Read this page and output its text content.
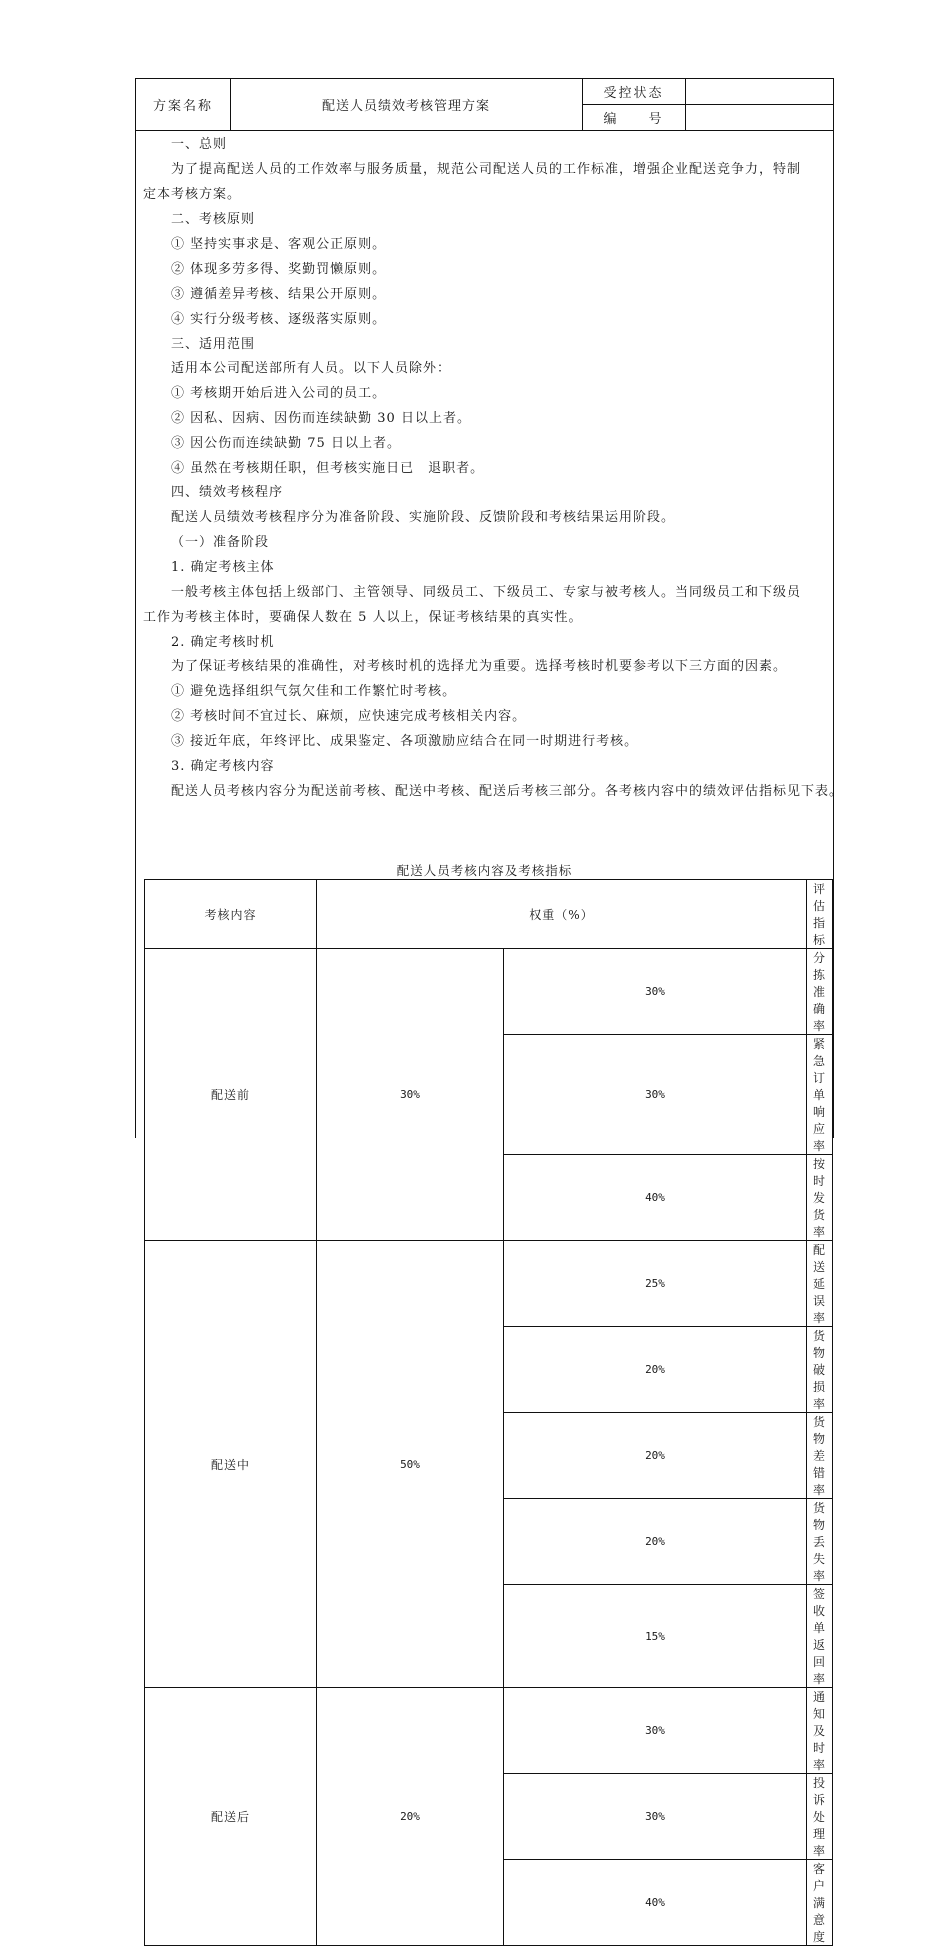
方案名称	配送人员绩效考核管理方案
受控状态
编　　号
配送人员考核内容及考核指标
考核内容	权重（%）		评估指标
配送前	30%	30%	分拣准确率
		30%	紧急订单响应率
		40%	按时发货率
配送中	50%	25%	配送延误率
		20%	货物破损率
		20%	货物差错率
		20%	货物丢失率
		15%	签收单返回率
配送后	20%	30%	通知及时率
		30%	投诉处理率
		40%	客户满意度
一、总则
为了提高配送人员的工作效率与服务质量，规范公司配送人员的工作标准，增强企业配送竞争力，特制
定本考核方案。
二、考核原则
① 坚持实事求是、客观公正原则。
② 体现多劳多得、奖勤罚懒原则。
③ 遵循差异考核、结果公开原则。
④ 实行分级考核、逐级落实原则。
三、适用范围
适用本公司配送部所有人员。以下人员除外：
① 考核期开始后进入公司的员工。
② 因私、因病、因伤而连续缺勤 30 日以上者。
③ 因公伤而连续缺勤 75 日以上者。
④ 虽然在考核期任职，但考核实施日已　退职者。
四、绩效考核程序
配送人员绩效考核程序分为准备阶段、实施阶段、反馈阶段和考核结果运用阶段。
（一）准备阶段
1. 确定考核主体
一般考核主体包括上级部门、主管领导、同级员工、下级员工、专家与被考核人。当同级员工和下级员
工作为考核主体时，要确保人数在 5 人以上，保证考核结果的真实性。
2. 确定考核时机
为了保证考核结果的准确性，对考核时机的选择尤为重要。选择考核时机要参考以下三方面的因素。
① 避免选择组织气氛欠佳和工作繁忙时考核。
② 考核时间不宜过长、麻烦，应快速完成考核相关内容。
③ 接近年底，年终评比、成果鉴定、各项激励应结合在同一时期进行考核。
3. 确定考核内容
配送人员考核内容分为配送前考核、配送中考核、配送后考核三部分。各考核内容中的绩效评估指标见下表。
